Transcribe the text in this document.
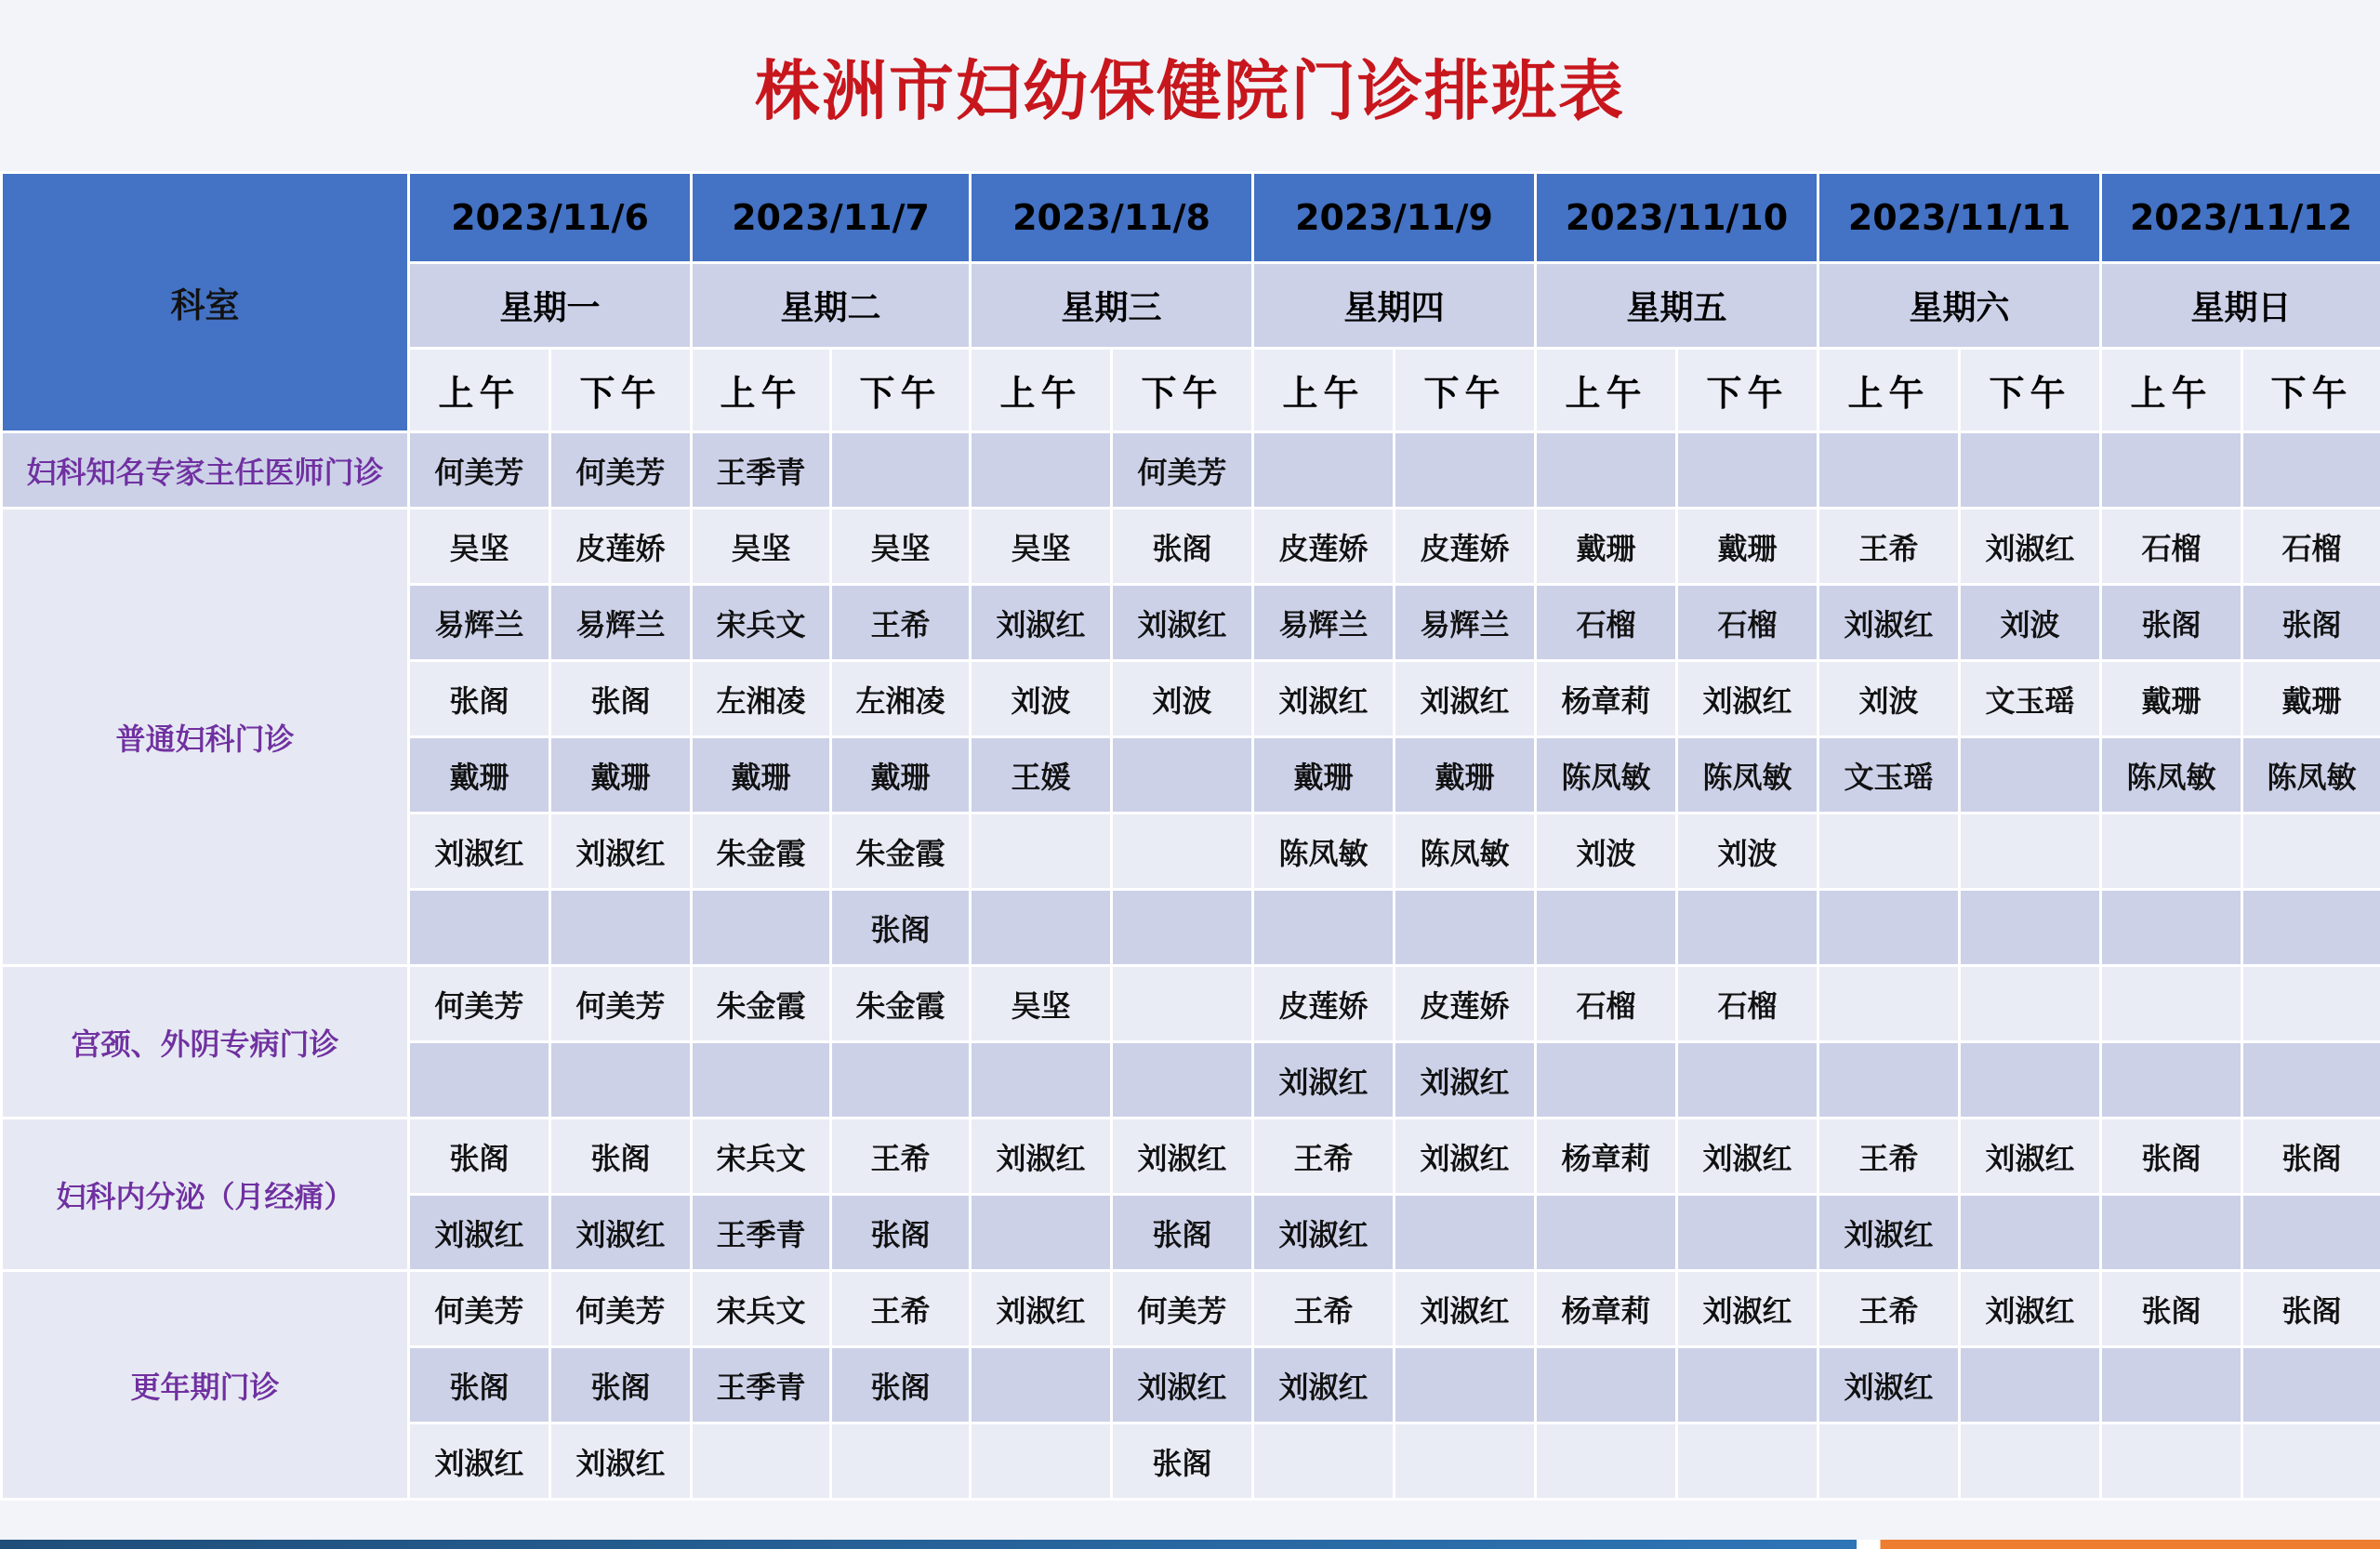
株洲市妇幼保健院门诊排班表
科室	2023/11/6		2023/11/7		2023/11/8		2023/11/9		2023/11/10		2023/11/11		2023/11/12	
	星期一		星期二		星期三		星期四		星期五		星期六		星期日	
	上午	下午	上午	下午	上午	下午	上午	下午	上午	下午	上午	下午	上午	下午
妇科知名专家主任医师门诊	何美芳	何美芳	王季青			何美芳								
普通妇科门诊	吴坚	皮莲娇	吴坚	吴坚	吴坚	张阁	皮莲娇	皮莲娇	戴珊	戴珊	王希	刘淑红	石榴	石榴
	易辉兰	易辉兰	宋兵文	王希	刘淑红	刘淑红	易辉兰	易辉兰	石榴	石榴	刘淑红	刘波	张阁	张阁
	张阁	张阁	左湘凌	左湘凌	刘波	刘波	刘淑红	刘淑红	杨章莉	刘淑红	刘波	文玉瑶	戴珊	戴珊
	戴珊	戴珊	戴珊	戴珊	王媛		戴珊	戴珊	陈凤敏	陈凤敏	文玉瑶		陈凤敏	陈凤敏
	刘淑红	刘淑红	朱金霞	朱金霞			陈凤敏	陈凤敏	刘波	刘波				
				张阁										
宫颈、外阴专病门诊	何美芳	何美芳	朱金霞	朱金霞	吴坚		皮莲娇	皮莲娇	石榴	石榴				
							刘淑红	刘淑红						
妇科内分泌（月经痛）	张阁	张阁	宋兵文	王希	刘淑红	刘淑红	王希	刘淑红	杨章莉	刘淑红	王希	刘淑红	张阁	张阁
	刘淑红	刘淑红	王季青	张阁		张阁	刘淑红				刘淑红			
更年期门诊	何美芳	何美芳	宋兵文	王希	刘淑红	何美芳	王希	刘淑红	杨章莉	刘淑红	王希	刘淑红	张阁	张阁
	张阁	张阁	王季青	张阁		刘淑红	刘淑红				刘淑红			
	刘淑红	刘淑红				张阁								
